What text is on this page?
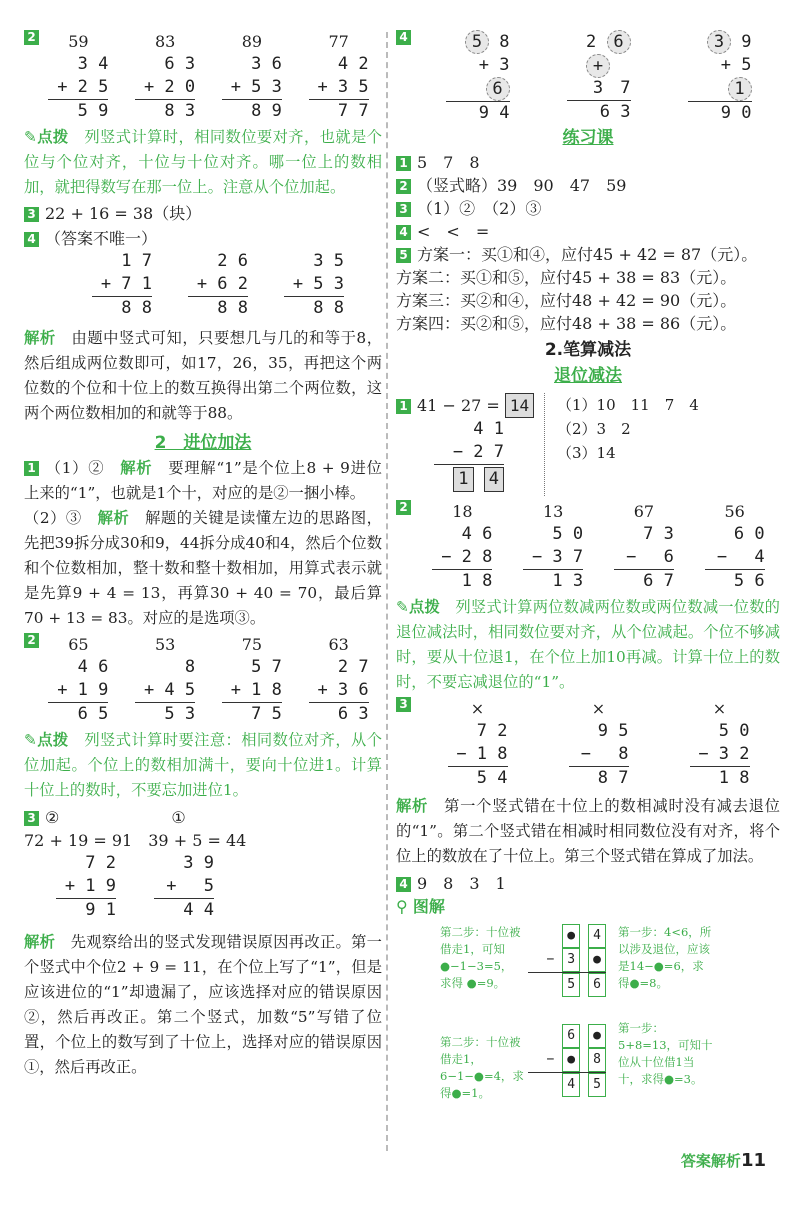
2	59
3 4
+ 2 5
5 9
83
6 3
+ 2 0
8 3
89
3 6
+ 5 3
8 9
77
4 2
+ 3 5
7 7
✎点拨　 列竖式计算时，相同数位要对齐，也就是个位与个位对齐，十位与十位对齐。哪一位上的数相加，就把得数写在那一位上。注意从个位加起。
3 22 + 16 = 38（块）
4 （答案不唯一）
1 7
+ 7 1
8 8
2 6
+ 6 2
8 8
3 5
+ 5 3
8 8
解析　 由题中竖式可知，只要想几与几的和等于8，然后组成两位数即可，如17，26，35，再把这个两位数的个位和十位上的数互换得出第二个两位数，这两个两位数相加的和就等于88。
2　进位加法
1 （1）②　 解析　 要理解“1”是个位上8 + 9进位上来的“1”，也就是1个十，对应的是②一捆小棒。
（2）③　 解析　 解题的关键是读懂左边的思路图，先把39拆分成30和9，44拆分成40和4，然后个位数和个位数相加，整十数和整十数相加，用算式表示就是先算9 + 4 = 13，再算30 + 40 = 70，最后算70 + 13 = 83。对应的是选项③。
2	65
4 6
+ 1 9
6 5
53
8
+ 4 5
5 3
75
5 7
+ 1 8
7 5
63
2 7
+ 3 6
6 3
✎点拨　 列竖式计算时要注意：相同数位对齐，从个位加起。个位上的数相加满十，要向十位进1。计算十位上的数时，不要忘加进位1。
3 ②	①
72 + 19 = 91　 39 + 5 = 44
7 2
+ 1 9
9 1
3 9
+ 　5
4 4
解析　 先观察给出的竖式发现错误原因再改正。第一个竖式中个位2 + 9 = 11，在个位上写了“1”，但是应该进位的“1”却遗漏了，应该选择对应的错误原因②，然后再改正。第二个竖式，加数“5”写错了位置，个位上的数写到了十位上，选择对应的错误原因①，然后再改正。
4	5 8
+ 3 6
9 4
2 6
+ 3 7
6 3
3 9
+ 5 1
9 0
练习课
1 5　7　8
2 （竖式略）39　90　47　59
3 （1）②　（2）③
4 <　<　=
5 方案一：买①和④，应付45 + 42 = 87（元）。
方案二：买①和⑤，应付45 + 38 = 83（元）。
方案三：买②和④，应付48 + 42 = 90（元）。
方案四：买②和⑤，应付48 + 38 = 86（元）。
2.笔算减法
退位减法
1 41 − 27 = 14
4 1
− 2 7
1 4
（1）10　11　7　4
（2）3　2
（3）14
2	18
4 6
− 2 8
1 8
13
5 0
− 3 7
1 3
67
7 3
− 　6
6 7
56
6 0
− 　4
5 6
✎点拨　 列竖式计算两位数减两位数或两位数减一位数的退位减法时，相同数位要对齐，从个位减起。个位不够减时，要从十位退1，在个位上加10再减。计算十位上的数时，不要忘减退位的“1”。
3	×
7 2
− 1 8
5 4
×
9 5
− 　8
8 7
×
5 0
− 3 2
1 8
解析　 第一个竖式错在十位上的数相减时没有减去退位的“1”。第二个竖式错在相减时相同数位没有对齐，将个位上的数放在了十位上。第三个竖式错在算成了加法。
4 9　8　3　1
⚲ 图解
第二步：十位被借走1，可知 ●−1−3=5，求得 ●=9。
● 4
− 3 ●
5 6
第一步：4<6，所以涉及退位，应该是14−●=6，求得●=8。
第二步：十位被借走1，6−1−●=4，求得●=1。
6 ●
− ● 8
4 5
第一步：5+8=13，可知十位从十位借1当十，求得●=3。
答案解析11
